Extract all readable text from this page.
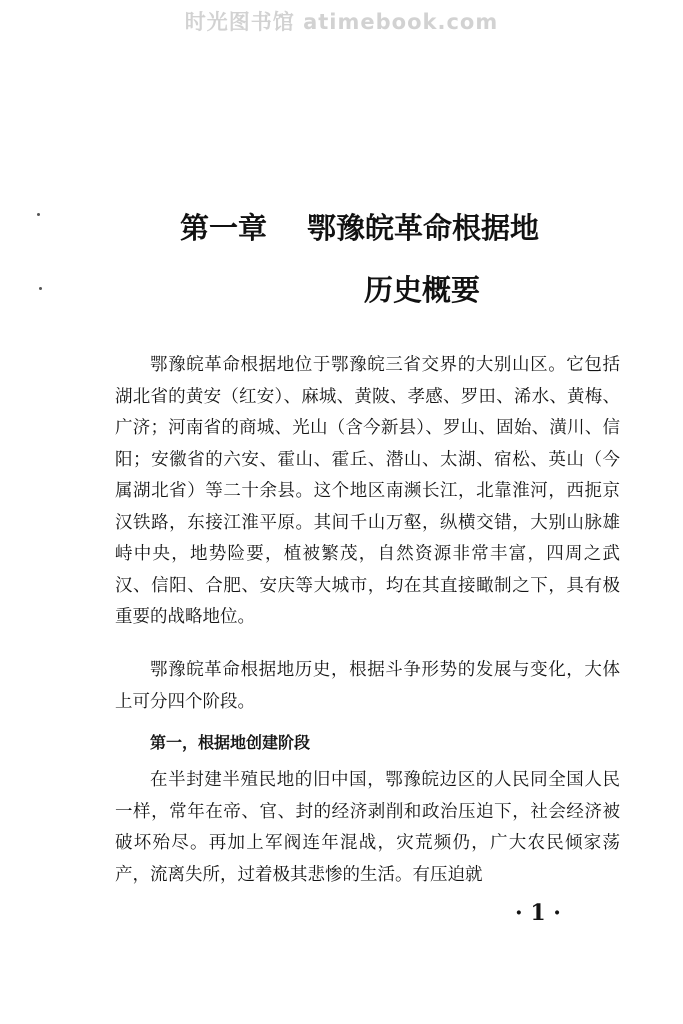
时光图书馆 atimebook.com
第一章 鄂豫皖革命根据地
历史概要

鄂豫皖革命根据地位于鄂豫皖三省交界的大别山区。它包括湖北省的黄安（红安）、麻城、黄陂、孝感、罗田、浠水、黄梅、广济；河南省的商城、光山（含今新县）、罗山、固始、潢川、信阳；安徽省的六安、霍山、霍丘、潜山、太湖、宿松、英山（今属湖北省）等二十余县。这个地区南濒长江，北靠淮河，西扼京汉铁路，东接江淮平原。其间千山万壑，纵横交错，大别山脉雄峙中央，地势险要，植被繁茂，自然资源非常丰富，四周之武汉、信阳、合肥、安庆等大城市，均在其直接瞰制之下，具有极重要的战略地位。

鄂豫皖革命根据地历史，根据斗争形势的发展与变化，大体上可分四个阶段。

第一，根据地创建阶段

在半封建半殖民地的旧中国，鄂豫皖边区的人民同全国人民一样，常年在帝、官、封的经济剥削和政治压迫下，社会经济被破坏殆尽。再加上军阀连年混战，灾荒频仍，广大农民倾家荡产，流离失所，过着极其悲惨的生活。有压迫就

· 1 ·
